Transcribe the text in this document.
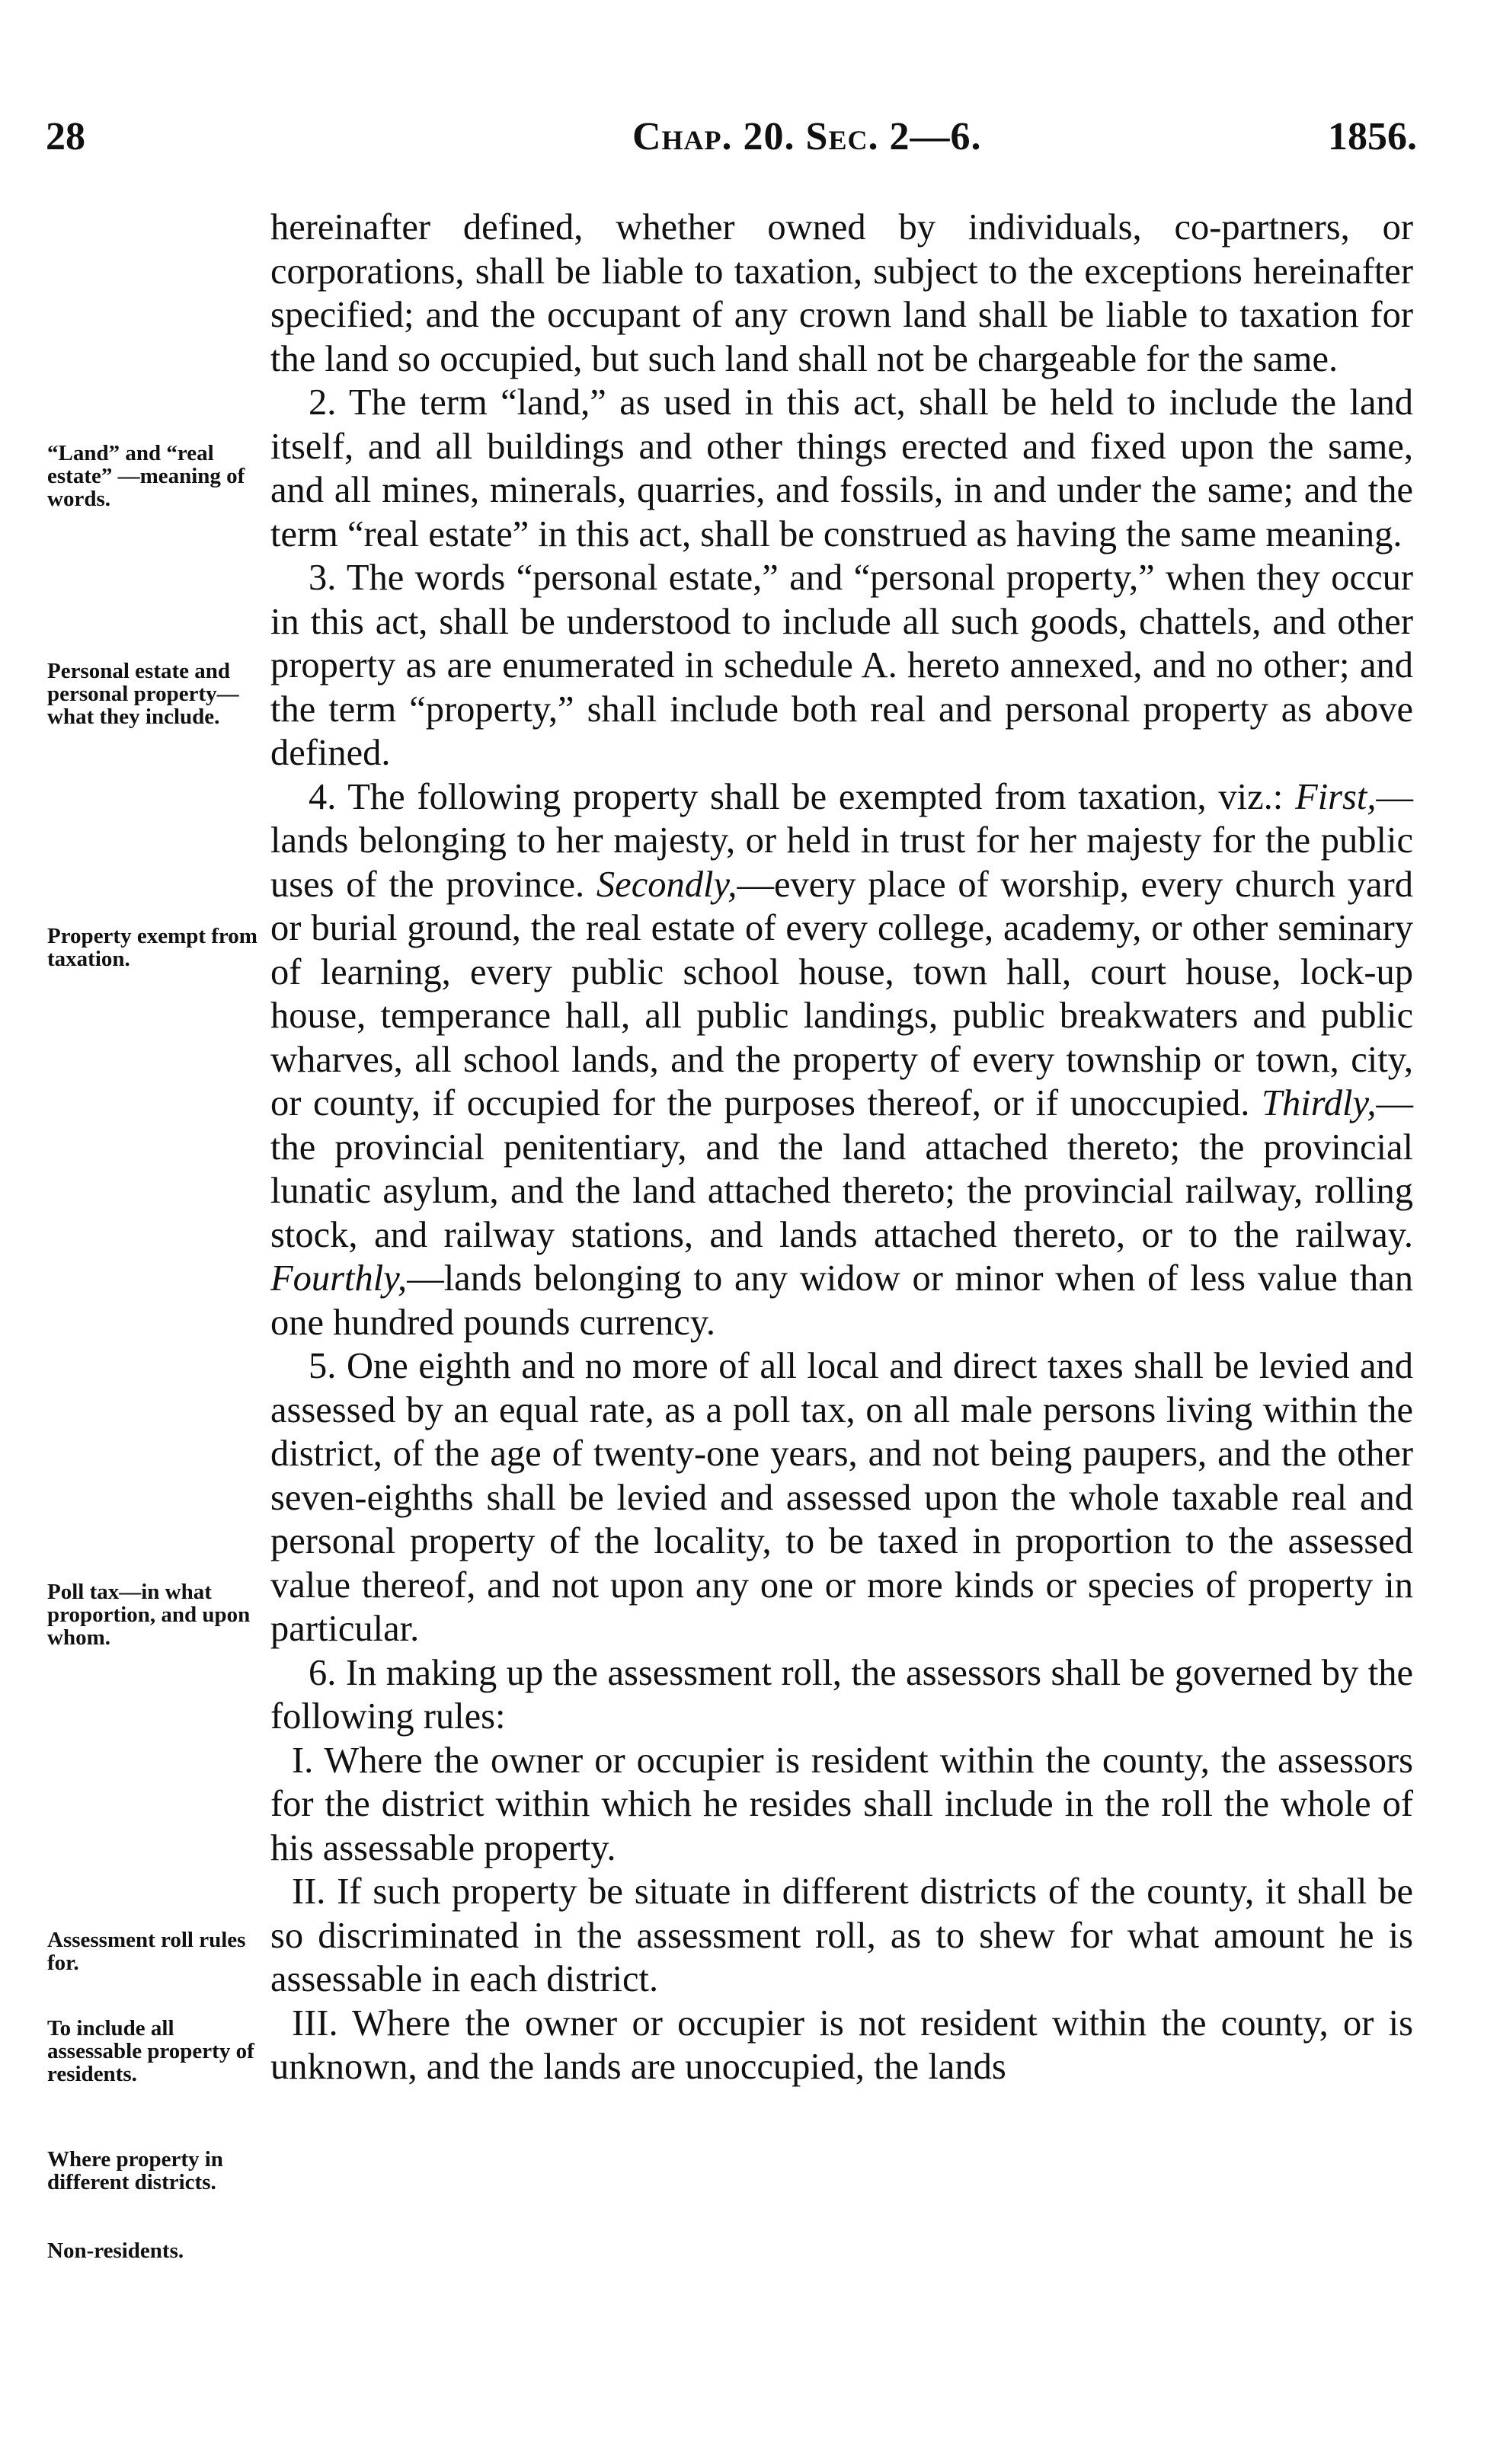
28	Chap. 20. Sec. 2—6.	1856.
“Land” and “real estate” —meaning of words.
Personal estate and personal property—what they include.
Property exempt from taxation.
Poll tax—in what proportion, and upon whom.
Assessment roll rules for.
To include all assessable property of residents.
Where property in different districts.
Non-residents.

hereinafter defined, whether owned by individuals, co-partners, or corporations, shall be liable to taxation, subject to the exceptions hereinafter specified; and the occupant of any crown land shall be liable to taxation for the land so occupied, but such land shall not be chargeable for the same.

2. The term “land,” as used in this act, shall be held to include the land itself, and all buildings and other things erected and fixed upon the same, and all mines, minerals, quarries, and fossils, in and under the same; and the term “real estate” in this act, shall be construed as having the same meaning.

3. The words “personal estate,” and “personal property,” when they occur in this act, shall be understood to include all such goods, chattels, and other property as are enumerated in schedule A. hereto annexed, and no other; and the term “property,” shall include both real and personal property as above defined.

4. The following property shall be exempted from taxation, viz.: First,—lands belonging to her majesty, or held in trust for her majesty for the public uses of the province. Secondly,—every place of worship, every church yard or burial ground, the real estate of every college, academy, or other seminary of learning, every public school house, town hall, court house, lock-up house, temperance hall, all public landings, public breakwaters and public wharves, all school lands, and the property of every township or town, city, or county, if occupied for the purposes thereof, or if unoccupied. Thirdly,—the provincial penitentiary, and the land attached thereto; the provincial lunatic asylum, and the land attached thereto; the provincial railway, rolling stock, and railway stations, and lands attached thereto, or to the railway. Fourthly,—lands belonging to any widow or minor when of less value than one hundred pounds currency.

5. One eighth and no more of all local and direct taxes shall be levied and assessed by an equal rate, as a poll tax, on all male persons living within the district, of the age of twenty-one years, and not being paupers, and the other seven-eighths shall be levied and assessed upon the whole taxable real and personal property of the locality, to be taxed in proportion to the assessed value thereof, and not upon any one or more kinds or species of property in particular.

6. In making up the assessment roll, the assessors shall be governed by the following rules:

I. Where the owner or occupier is resident within the county, the assessors for the district within which he resides shall include in the roll the whole of his assessable property.

II. If such property be situate in different districts of the county, it shall be so discriminated in the assessment roll, as to shew for what amount he is assessable in each district.

III. Where the owner or occupier is not resident within the county, or is unknown, and the lands are unoccupied, the lands
